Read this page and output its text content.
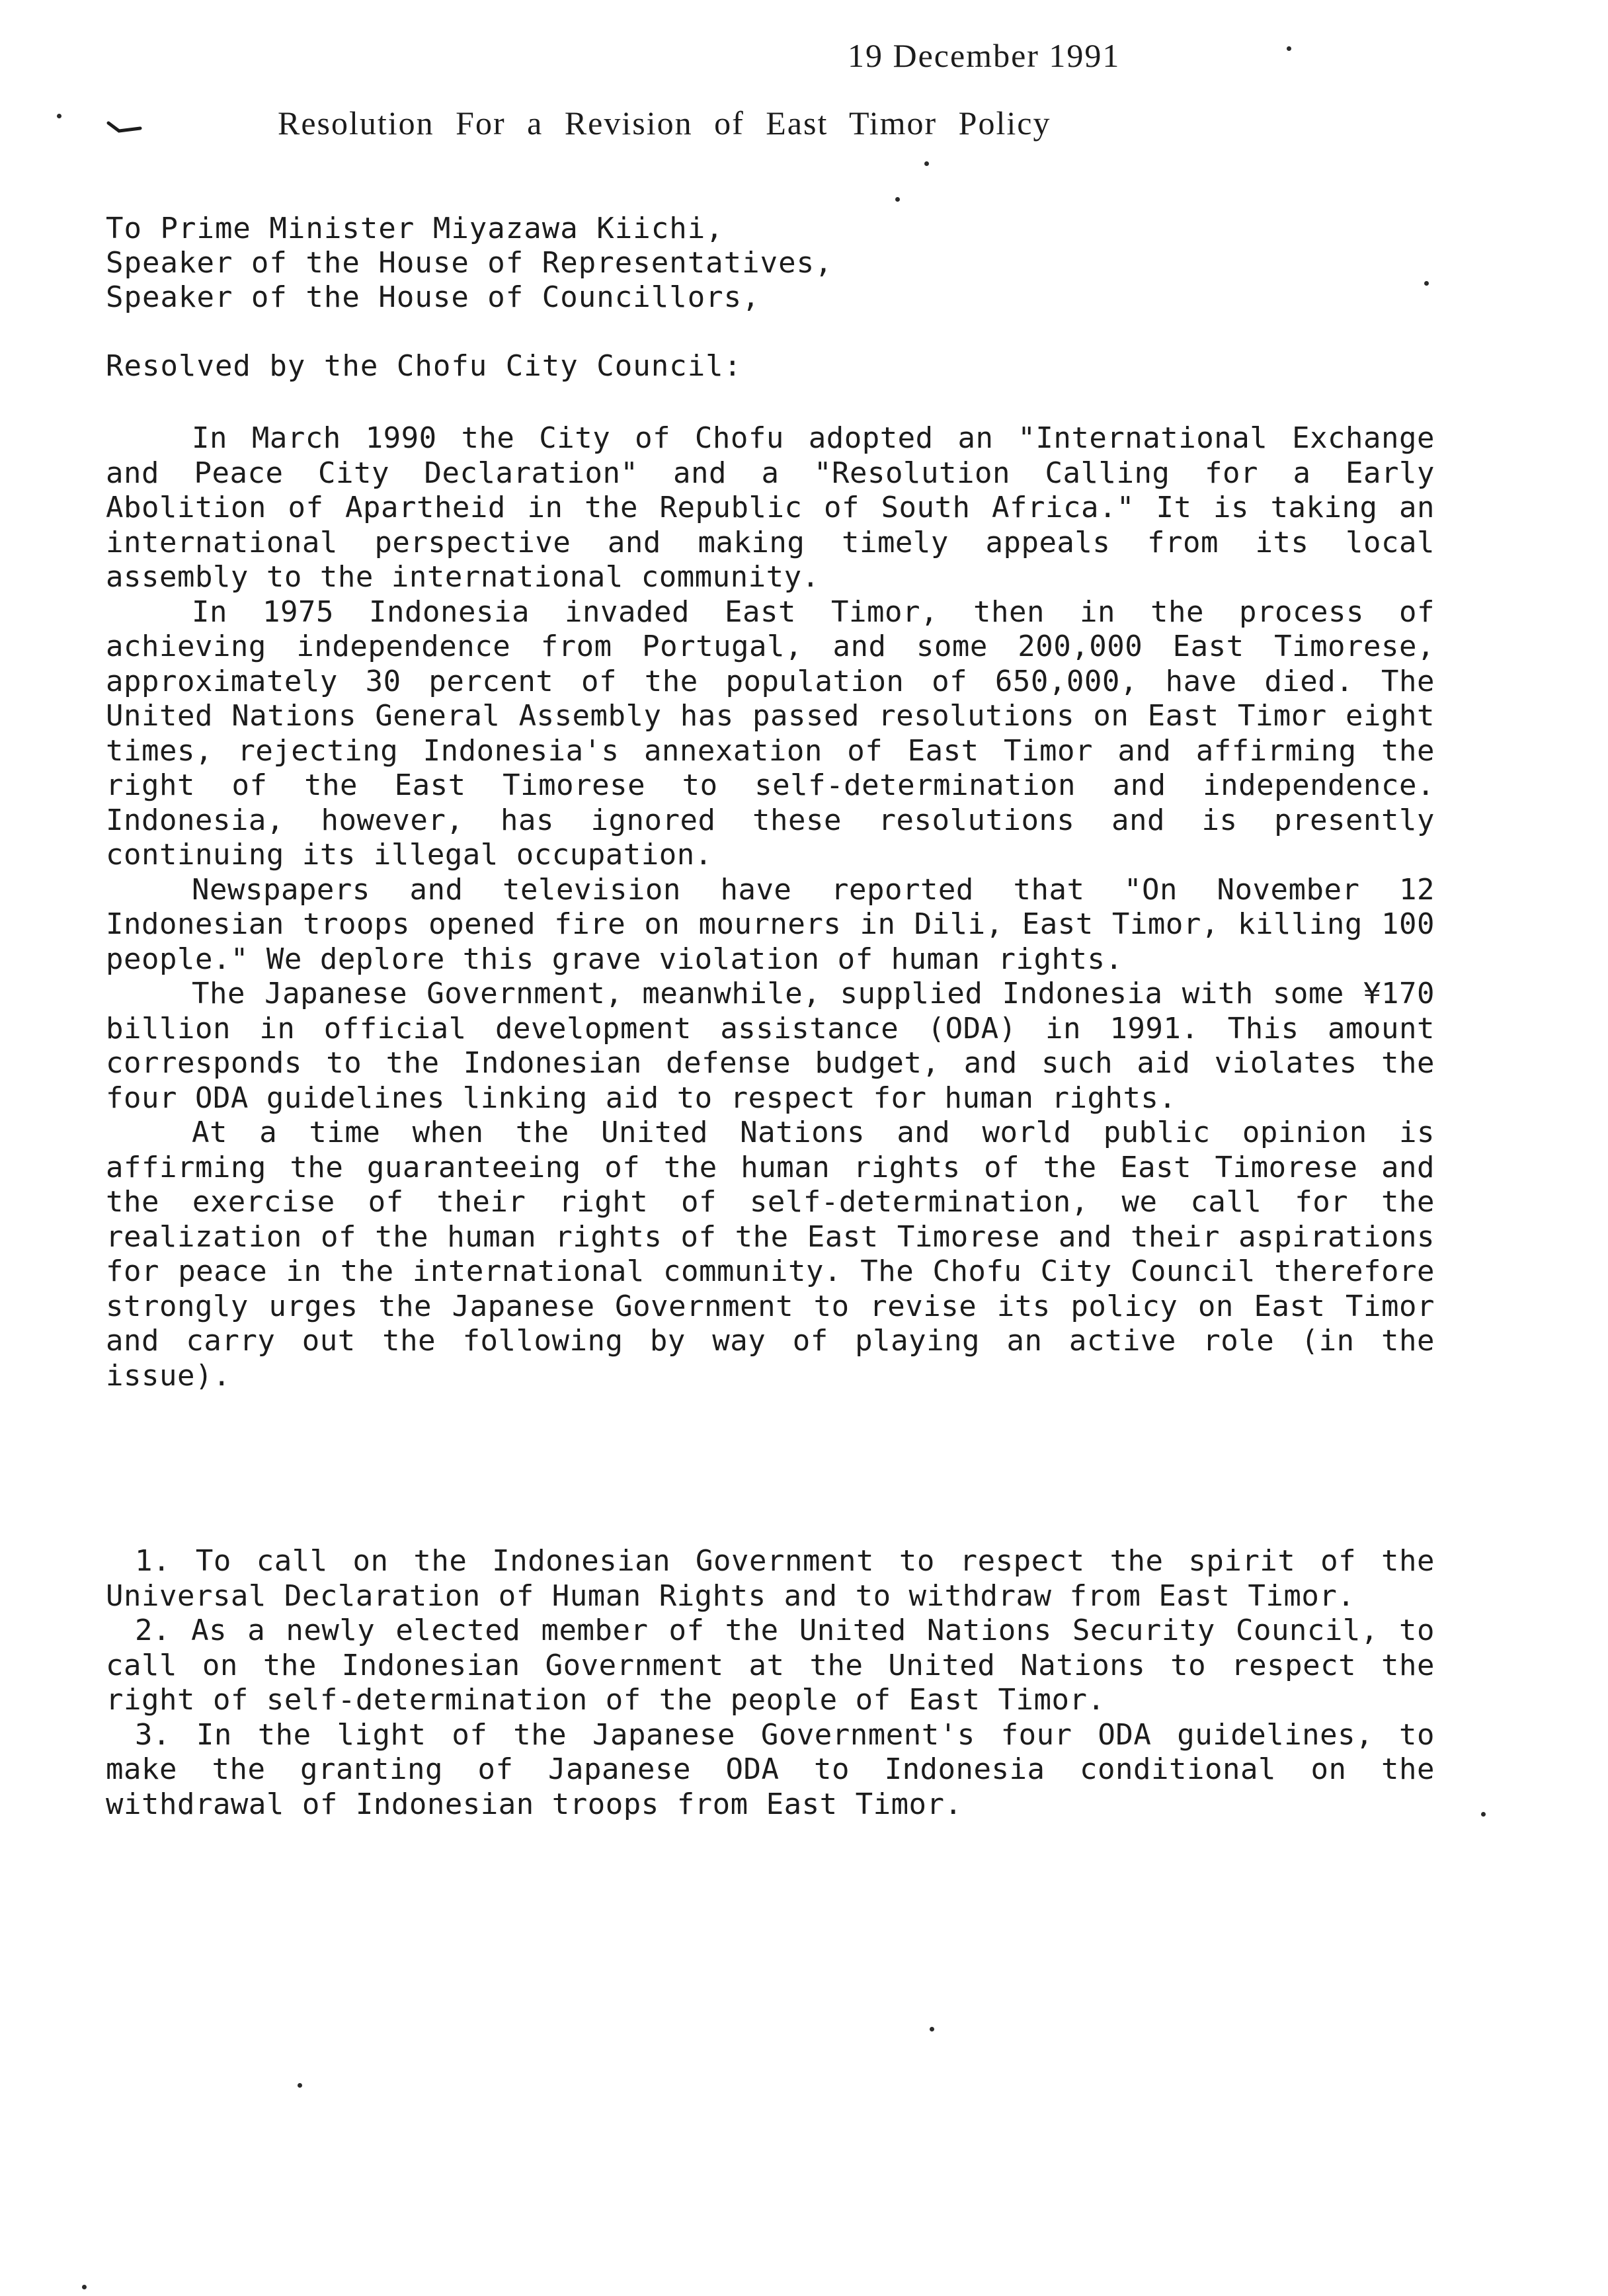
19 December 1991
Resolution For a Revision of East Timor Policy
To Prime Minister Miyazawa Kiichi,
Speaker of the House of Representatives,
Speaker of the House of Councillors,
Resolved by the Chofu City Council:

In March 1990 the City of Chofu adopted an "International Exchange and Peace City Declaration" and a "Resolution Calling for a Early Abolition of Apartheid in the Republic of South Africa." It is taking an international perspective and making timely appeals from its local assembly to the international community.

In 1975 Indonesia invaded East Timor, then in the process of achieving independence from Portugal, and some 200,000 East Timorese, approximately 30 percent of the population of 650,000, have died. The United Nations General Assembly has passed resolutions on East Timor eight times, rejecting Indonesia's annexation of East Timor and affirming the right of the East Timorese to self-determination and independence. Indonesia, however, has ignored these resolutions and is presently continuing its illegal occupation.

Newspapers and television have reported that "On November 12 Indonesian troops opened fire on mourners in Dili, East Timor, killing 100 people." We deplore this grave violation of human rights.

The Japanese Government, meanwhile, supplied Indonesia with some ¥170 billion in official development assistance (ODA) in 1991. This amount corresponds to the Indonesian defense budget, and such aid violates the four ODA guidelines linking aid to respect for human rights.

At a time when the United Nations and world public opinion is affirming the guaranteeing of the human rights of the East Timorese and the exercise of their right of self-determination, we call for the realization of the human rights of the East Timorese and their aspirations for peace in the international community. The Chofu City Council therefore strongly urges the Japanese Government to revise its policy on East Timor and carry out the following by way of playing an active role (in the issue).

1. To call on the Indonesian Government to respect the spirit of the Universal Declaration of Human Rights and to withdraw from East Timor.

2. As a newly elected member of the United Nations Security Council, to call on the Indonesian Government at the United Nations to respect the right of self-determination of the people of East Timor.

3. In the light of the Japanese Government's four ODA guidelines, to make the granting of Japanese ODA to Indonesia conditional on the withdrawal of Indonesian troops from East Timor.
